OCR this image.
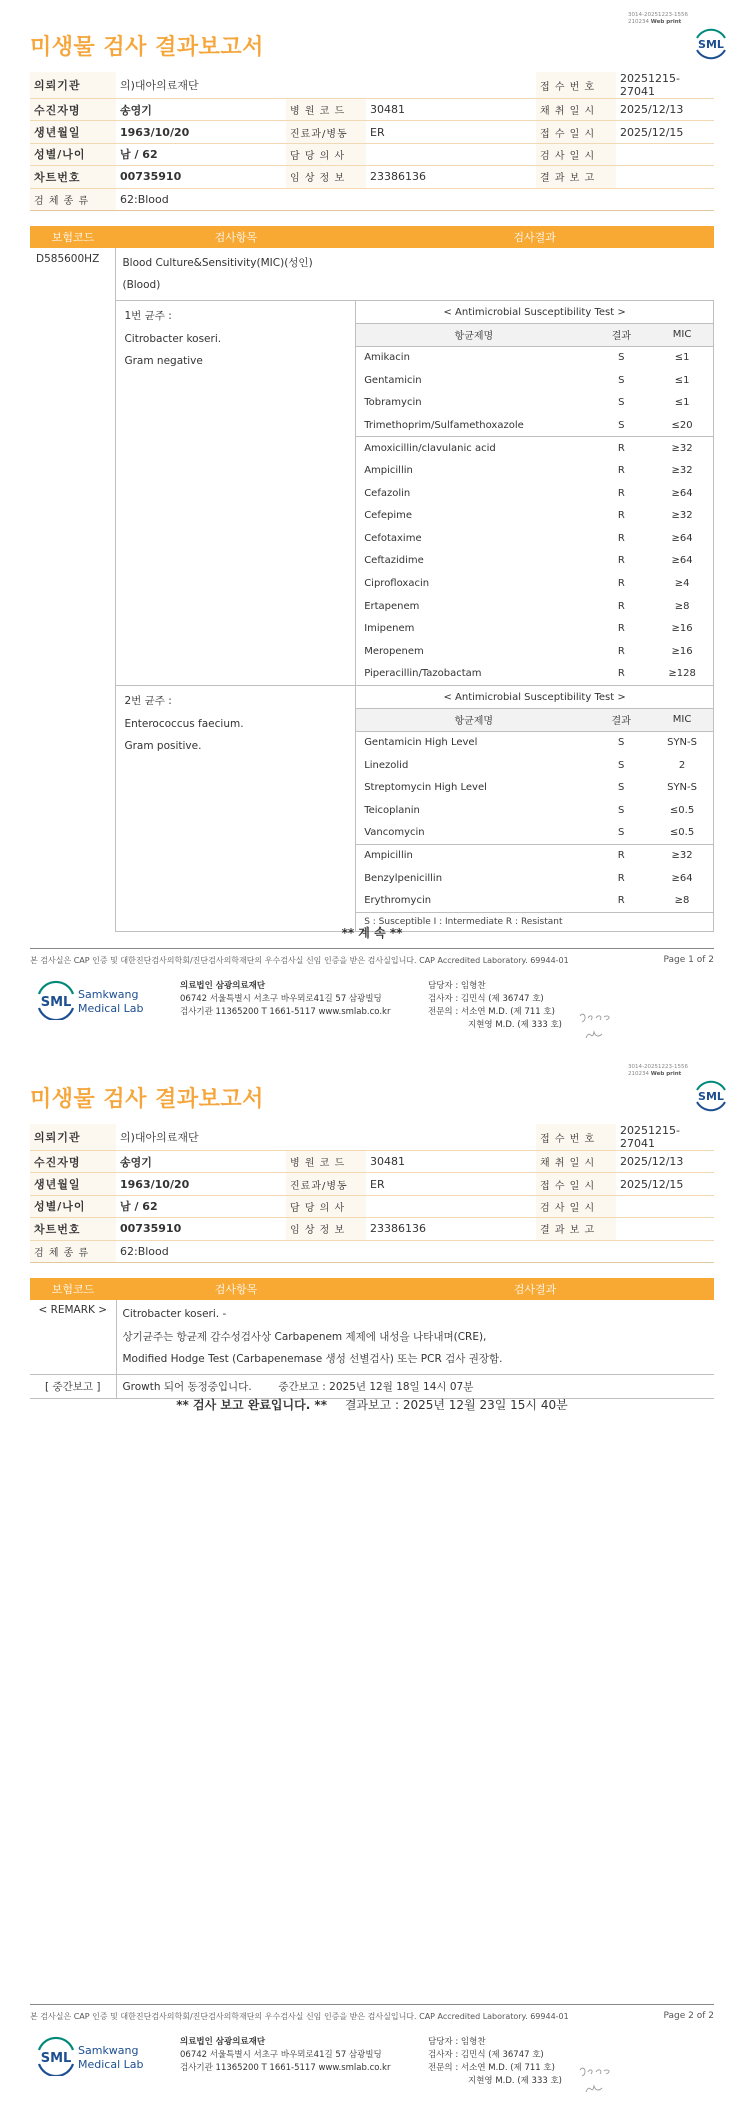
3014-20251223-1556
210234 Web print
SML
미생물 검사 결과보고서
의뢰기관	의)대아의료재단			접 수 번 호	20251215-27041
수진자명	송영기	병 원 코 드	30481	채 취 일 시	2025/12/13
생년월일	1963/10/20	진료과/병동	ER	접 수 일 시	2025/12/15
성별/나이	남 / 62	담 당 의 사		검 사 일 시	
차트번호	00735910	임 상 정 보	23386136	결 과 보 고	
검 체 종 류	62:Blood				
보험코드	검사항목	검사결과
D585600HZ	Blood Culture&Sensitivity(MIC)(성인)
(Blood)

1번 균주 :
Citrobacter koseri.
Gram negative

< Antimicrobial Susceptibility Test >
항균제명	결과	MIC
Amikacin	S	≤1
Gentamicin	S	≤1
Tobramycin	S	≤1
Trimethoprim/Sulfamethoxazole	S	≤20
Amoxicillin/clavulanic acid	R	≥32
Ampicillin	R	≥32
Cefazolin	R	≥64
Cefepime	R	≥32
Cefotaxime	R	≥64
Ceftazidime	R	≥64
Ciprofloxacin	R	≥4
Ertapenem	R	≥8
Imipenem	R	≥16
Meropenem	R	≥16
Piperacillin/Tazobactam	R	≥128

2번 균주 :
Enterococcus faecium.
Gram positive.

< Antimicrobial Susceptibility Test >
항균제명	결과	MIC
Gentamicin High Level	S	SYN-S
Linezolid	S	2
Streptomycin High Level	S	SYN-S
Teicoplanin	S	≤0.5
Vancomycin	S	≤0.5
Ampicillin	R	≥32
Benzylpenicillin	R	≥64
Erythromycin	R	≥8
S : Susceptible I : Intermediate R : Resistant
** 계 속 **
본 검사실은 CAP 인증 및 대한진단검사의학회/진단검사의학재단의 우수검사실 신임 인증을 받은 검사실입니다. CAP Accredited Laboratory. 69944-01	Page 1 of 2
SML
Samkwang
Medical Lab
의료법인 삼광의료재단
06742 서울특별시 서초구 바우뫼로41길 57 삼광빌딩
검사기관 11365200 T 1661-5117 www.smlab.co.kr
담당자 : 임형찬
검사자 : 김민식 (제 36747 호)
전문의 : 서소연 M.D. (제 711 호)
지현영 M.D. (제 333 호)
3014-20251223-1556
210234 Web print
SML
미생물 검사 결과보고서
의뢰기관	의)대아의료재단			접 수 번 호	20251215-27041
수진자명	송영기	병 원 코 드	30481	채 취 일 시	2025/12/13
생년월일	1963/10/20	진료과/병동	ER	접 수 일 시	2025/12/15
성별/나이	남 / 62	담 당 의 사		검 사 일 시	
차트번호	00735910	임 상 정 보	23386136	결 과 보 고	
검 체 종 류	62:Blood				
보험코드	검사항목	검사결과
< REMARK >	Citrobacter koseri. -
상기균주는 항균제 감수성검사상 Carbapenem 제제에 내성을 나타내며(CRE),
Modified Hodge Test (Carbapenemase 생성 선별검사) 또는 PCR 검사 권장함.	

[ 중간보고 ]	Growth 되어 동정중입니다.        중간보고 : 2025년 12월 18일 14시 07분	
** 검사 보고 완료입니다. ** 결과보고 : 2025년 12월 23일 15시 40분
본 검사실은 CAP 인증 및 대한진단검사의학회/진단검사의학재단의 우수검사실 신임 인증을 받은 검사실입니다. CAP Accredited Laboratory. 69944-01	Page 2 of 2
SML
Samkwang
Medical Lab
의료법인 삼광의료재단
06742 서울특별시 서초구 바우뫼로41길 57 삼광빌딩
검사기관 11365200 T 1661-5117 www.smlab.co.kr
담당자 : 임형찬
검사자 : 김민식 (제 36747 호)
전문의 : 서소연 M.D. (제 711 호)
지현영 M.D. (제 333 호)
